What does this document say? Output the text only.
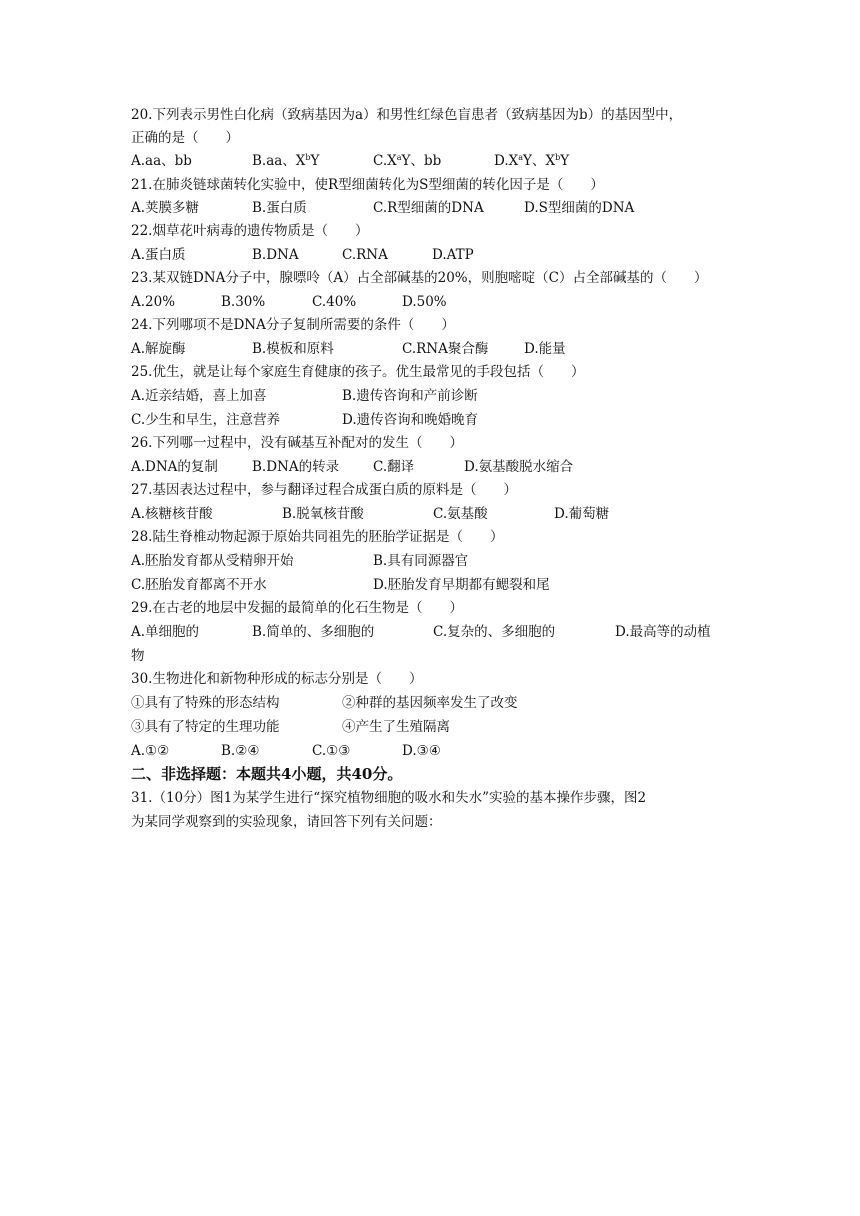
20.下列表示男性白化病（致病基因为a）和男性红绿色盲患者（致病基因为b）的基因型中，
正确的是（　　）
A.aa、bb	B.aa、$X^bY$	$C.X^aY$、bb	$D.X^aY$、$X^bY$
21.在肺炎链球菌转化实验中，使R型细菌转化为S型细菌的转化因子是（　　）
A.荚膜多糖	B.蛋白质	C.R型细菌的DNA	D.S型细菌的DNA
22.烟草花叶病毒的遗传物质是（　　）
A.蛋白质	B.DNA	C.RNA	D.ATP
23.某双链DNA分子中，腺嘌呤（A）占全部碱基的20%，则胞嘧啶（C）占全部碱基的（　　）
A.20%	B.30%	C.40%	D.50%
24.下列哪项不是DNA分子复制所需要的条件（　　）
A.解旋酶	B.模板和原料	C.RNA聚合酶	D.能量
25.优生，就是让每个家庭生育健康的孩子。优生最常见的手段包括（　　）
A.近亲结婚，喜上加喜	B.遗传咨询和产前诊断
C.少生和早生，注意营养	D.遗传咨询和晚婚晚育
26.下列哪一过程中，没有碱基互补配对的发生（　　）
A.DNA的复制	B.DNA的转录	C.翻译	D.氨基酸脱水缩合
27.基因表达过程中，参与翻译过程合成蛋白质的原料是（　　）
A.核糖核苷酸	B.脱氧核苷酸	C.氨基酸	D.葡萄糖
28.陆生脊椎动物起源于原始共同祖先的胚胎学证据是（　　）
A.胚胎发育都从受精卵开始	B.具有同源器官
C.胚胎发育都离不开水	D.胚胎发育早期都有鳃裂和尾
29.在古老的地层中发掘的最简单的化石生物是（　　）
A.单细胞的	B.简单的、多细胞的	C.复杂的、多细胞的	D.最高等的动植
物
30.生物进化和新物种形成的标志分别是（　　）
①具有了特殊的形态结构	②种群的基因频率发生了改变
③具有了特定的生理功能	④产生了生殖隔离
A.①②	B.②④	C.①③	D.③④
二、非选择题：本题共4小题，共40分。
31.（10分）图1为某学生进行“探究植物细胞的吸水和失水”实验的基本操作步骤，图2
为某同学观察到的实验现象，请回答下列有关问题：
